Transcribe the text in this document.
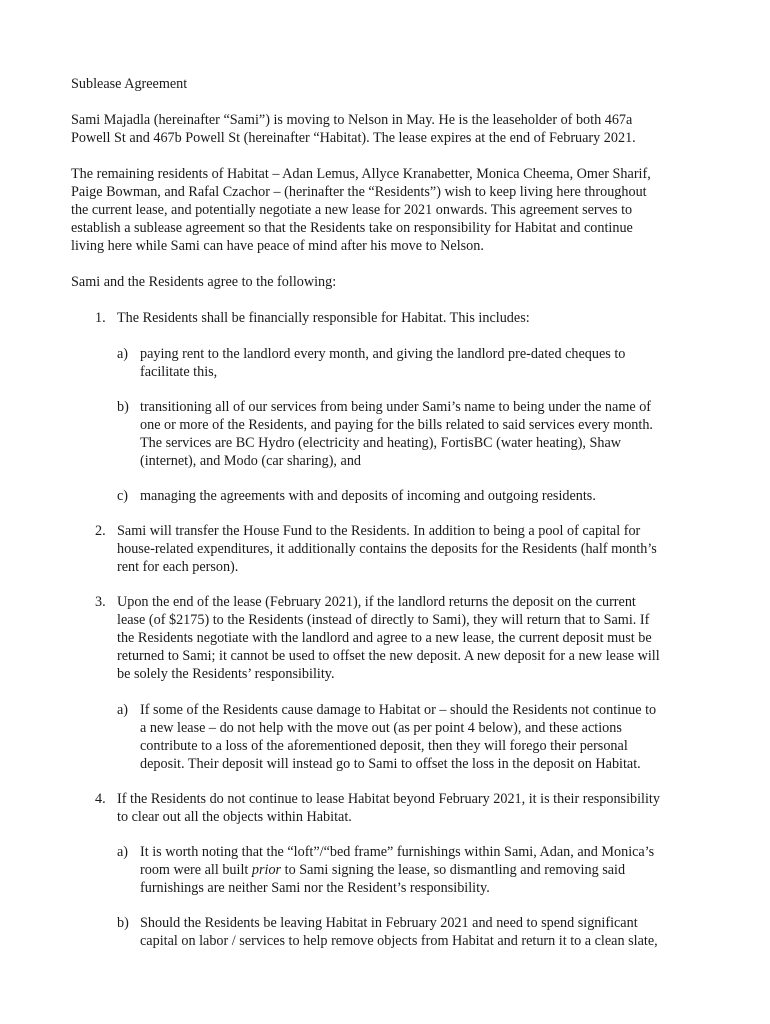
Sublease Agreement
Sami Majadla (hereinafter “Sami”) is moving to Nelson in May. He is the leaseholder of both 467a
Powell St and 467b Powell St (hereinafter “Habitat). The lease expires at the end of February 2021.
The remaining residents of Habitat – Adan Lemus, Allyce Kranabetter, Monica Cheema, Omer Sharif,
Paige Bowman, and Rafal Czachor – (herinafter the “Residents”) wish to keep living here throughout
the current lease, and potentially negotiate a new lease for 2021 onwards. This agreement serves to
establish a sublease agreement so that the Residents take on responsibility for Habitat and continue
living here while Sami can have peace of mind after his move to Nelson.
Sami and the Residents agree to the following:
1. The Residents shall be financially responsible for Habitat. This includes:
a) paying rent to the landlord every month, and giving the landlord pre-dated cheques to
facilitate this,
b) transitioning all of our services from being under Sami’s name to being under the name of
one or more of the Residents, and paying for the bills related to said services every month.
The services are BC Hydro (electricity and heating), FortisBC (water heating), Shaw
(internet), and Modo (car sharing), and
c) managing the agreements with and deposits of incoming and outgoing residents.
2. Sami will transfer the House Fund to the Residents. In addition to being a pool of capital for
house-related expenditures, it additionally contains the deposits for the Residents (half month’s
rent for each person).
3. Upon the end of the lease (February 2021), if the landlord returns the deposit on the current
lease (of $2175) to the Residents (instead of directly to Sami), they will return that to Sami. If
the Residents negotiate with the landlord and agree to a new lease, the current deposit must be
returned to Sami; it cannot be used to offset the new deposit. A new deposit for a new lease will
be solely the Residents’ responsibility.
a) If some of the Residents cause damage to Habitat or – should the Residents not continue to
a new lease – do not help with the move out (as per point 4 below), and these actions
contribute to a loss of the aforementioned deposit, then they will forego their personal
deposit. Their deposit will instead go to Sami to offset the loss in the deposit on Habitat.
4. If the Residents do not continue to lease Habitat beyond February 2021, it is their responsibility
to clear out all the objects within Habitat.
a) It is worth noting that the “loft”/“bed frame” furnishings within Sami, Adan, and Monica’s
room were all built prior to Sami signing the lease, so dismantling and removing said
furnishings are neither Sami nor the Resident’s responsibility.
b) Should the Residents be leaving Habitat in February 2021 and need to spend significant
capital on labor / services to help remove objects from Habitat and return it to a clean slate,
